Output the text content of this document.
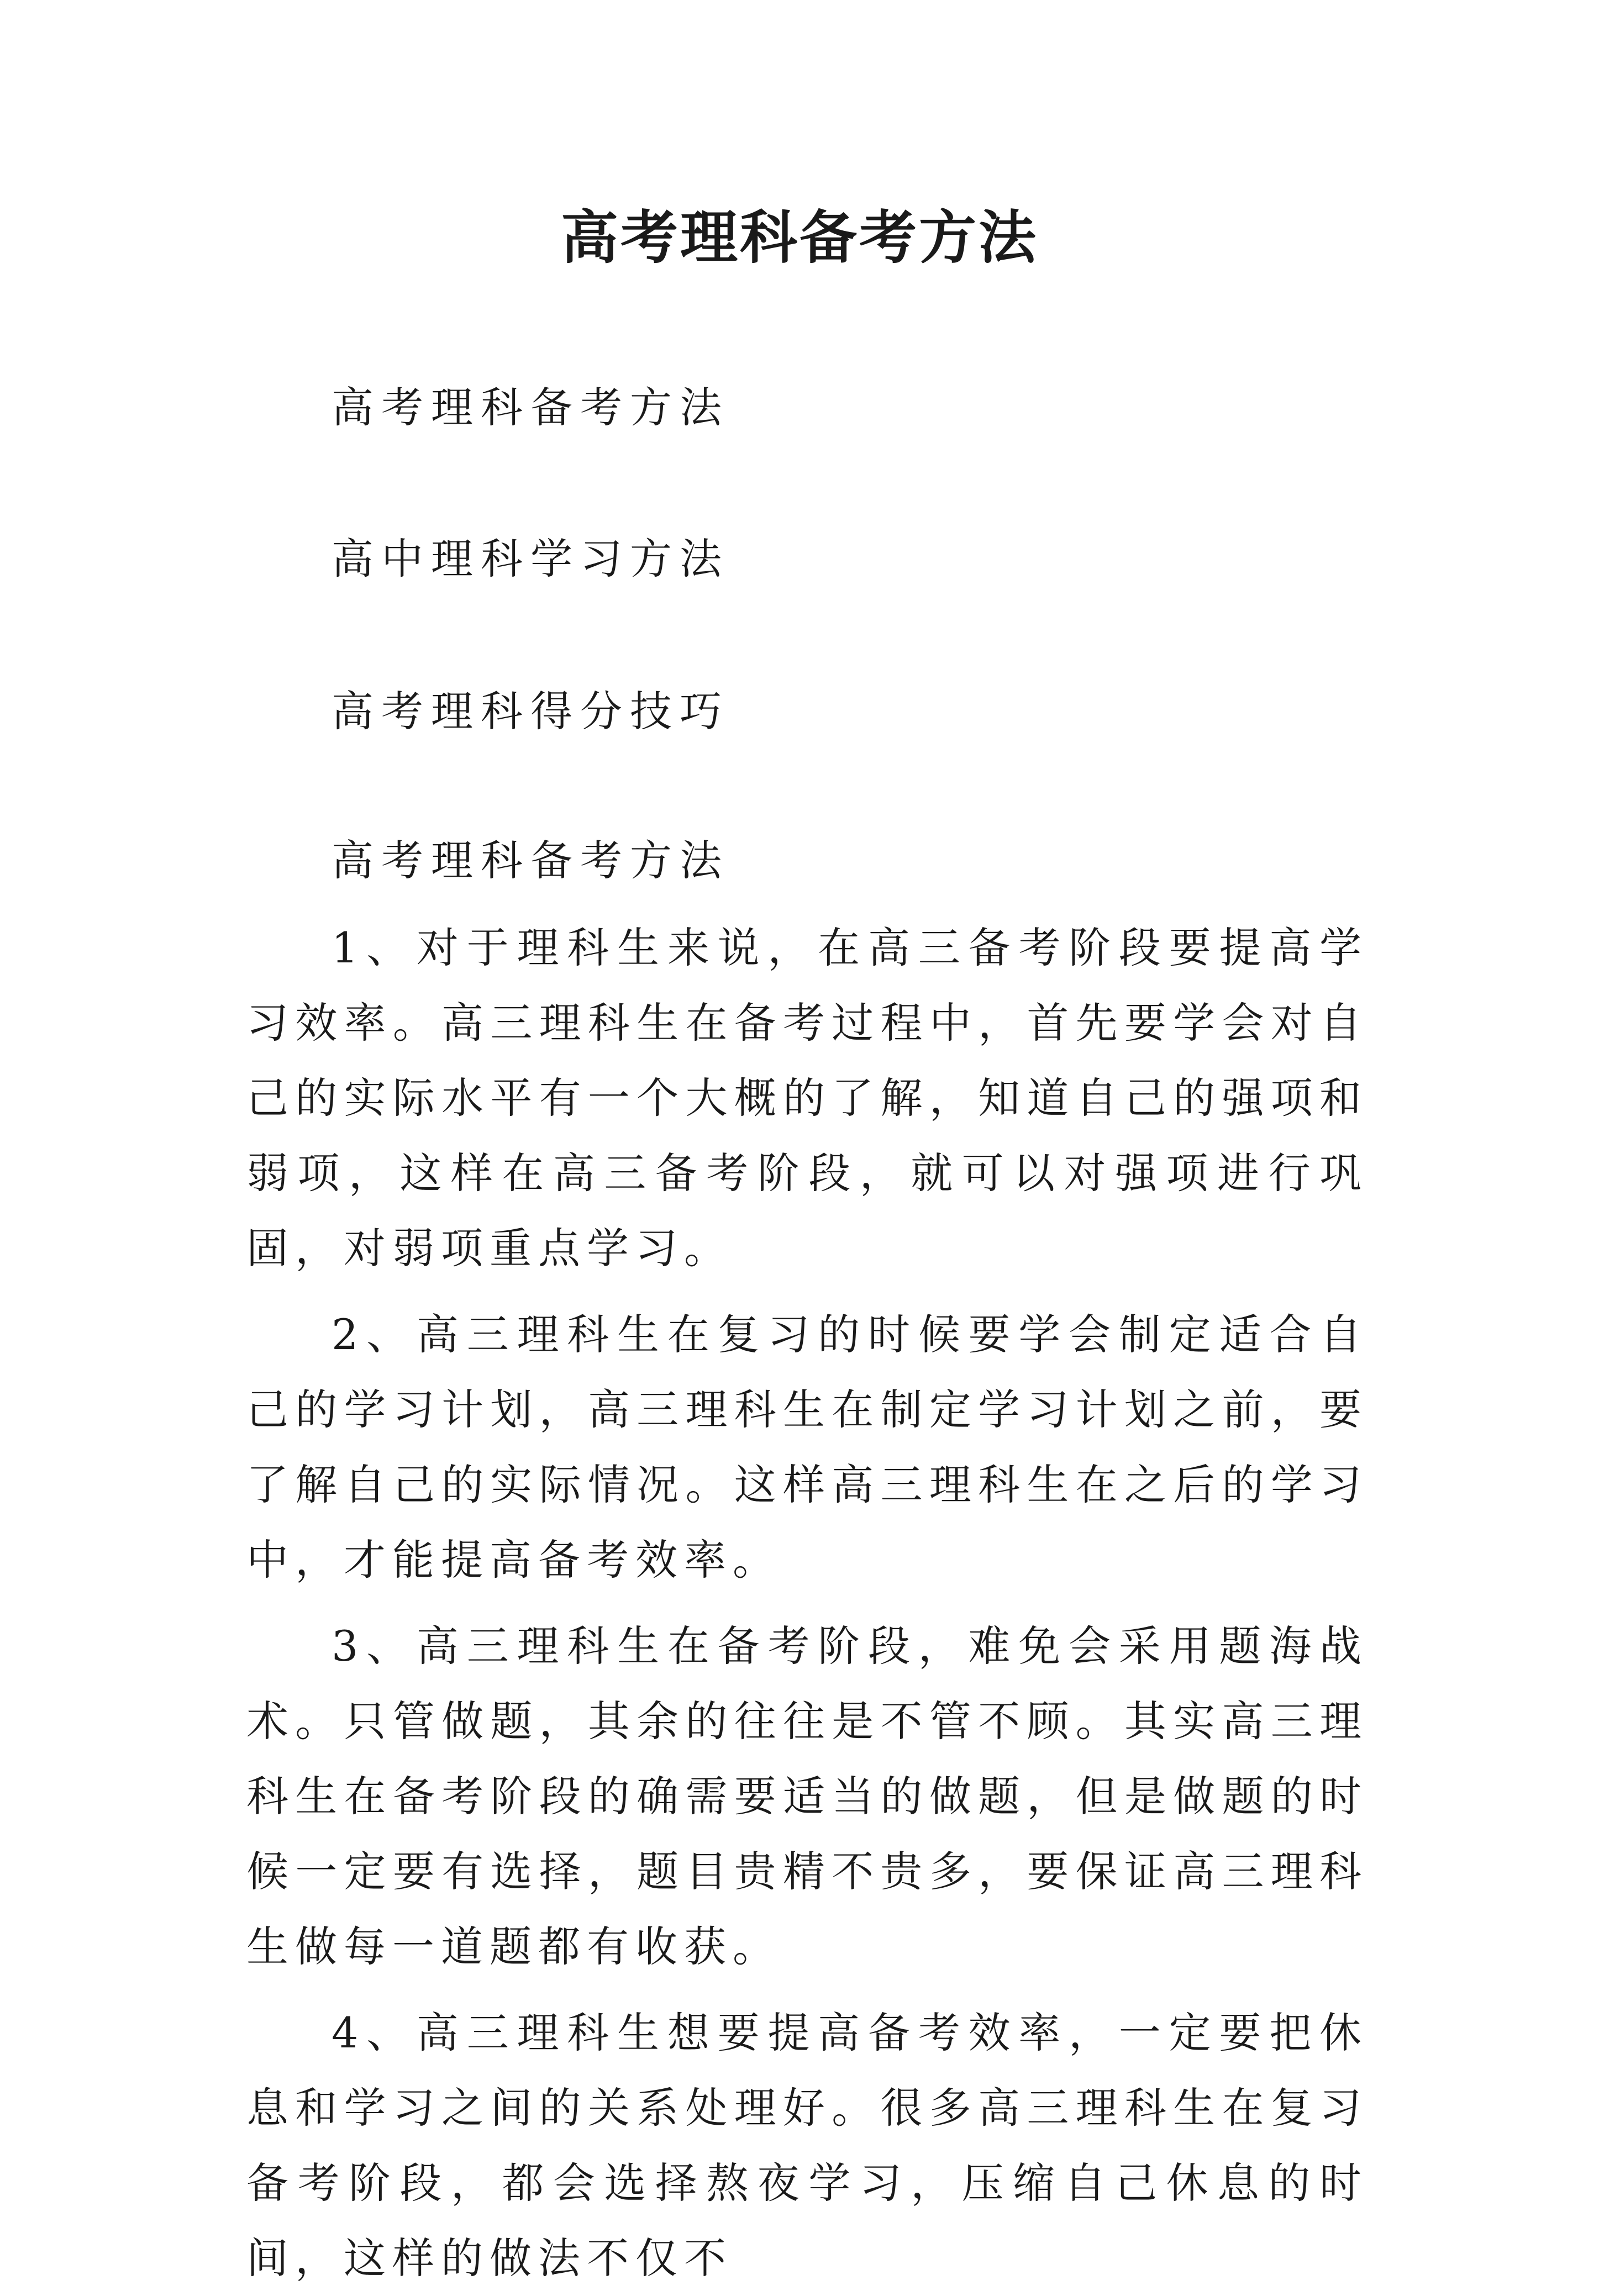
高考理科备考方法
高考理科备考方法
高中理科学习方法
高考理科得分技巧
高考理科备考方法

1、对于理科生来说，在高三备考阶段要提高学习效率。高三理科生在备考过程中，首先要学会对自己的实际水平有一个大概的了解，知道自己的强项和弱项，这样在高三备考阶段，就可以对强项进行巩固，对弱项重点学习。

2、高三理科生在复习的时候要学会制定适合自己的学习计划，高三理科生在制定学习计划之前，要了解自己的实际情况。这样高三理科生在之后的学习中，才能提高备考效率。

3、高三理科生在备考阶段，难免会采用题海战术。只管做题，其余的往往是不管不顾。其实高三理科生在备考阶段的确需要适当的做题，但是做题的时候一定要有选择，题目贵精不贵多，要保证高三理科生做每一道题都有收获。

4、高三理科生想要提高备考效率，一定要把休息和学习之间的关系处理好。很多高三理科生在复习备考阶段，都会选择熬夜学习，压缩自己休息的时间，这样的做法不仅不
